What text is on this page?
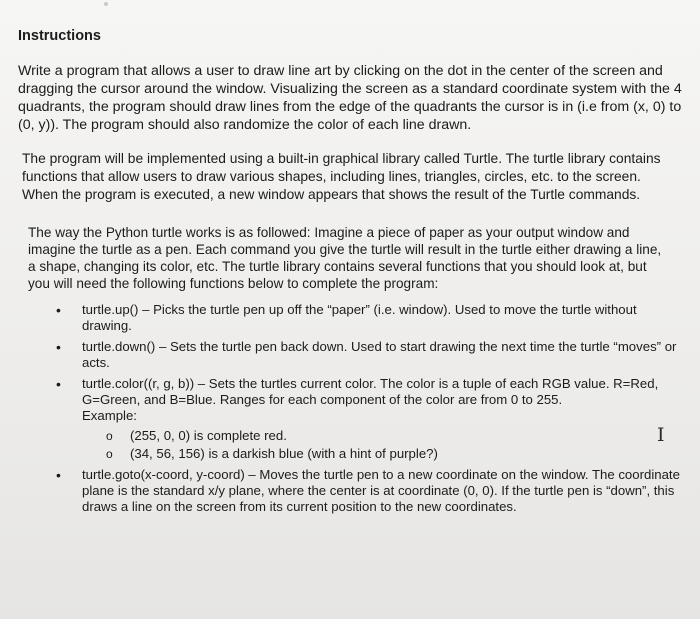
Instructions

Write a program that allows a user to draw line art by clicking on the dot in the center of the screen and dragging the cursor around the window. Visualizing the screen as a standard coordinate system with the 4 quadrants, the program should draw lines from the edge of the quadrants the cursor is in (i.e from (x, 0) to (0, y)). The program should also randomize the color of each line drawn.

The program will be implemented using a built-in graphical library called Turtle. The turtle library contains functions that allow users to draw various shapes, including lines, triangles, circles, etc. to the screen. When the program is executed, a new window appears that shows the result of the Turtle commands.

The way the Python turtle works is as followed: Imagine a piece of paper as your output window and imagine the turtle as a pen. Each command you give the turtle will result in the turtle either drawing a line, a shape, changing its color, etc. The turtle library contains several functions that you should look at, but you will need the following functions below to complete the program:

• turtle.up() – Picks the turtle pen up off the “paper” (i.e. window). Used to move the turtle without drawing.
• turtle.down() – Sets the turtle pen back down. Used to start drawing the next time the turtle “moves” or acts.
• turtle.color((r, g, b)) – Sets the turtles current color. The color is a tuple of each RGB value. R=Red, G=Green, and B=Blue. Ranges for each component of the color are from 0 to 255.
Example:
o (255, 0, 0) is complete red.
o (34, 56, 156) is a darkish blue (with a hint of purple?)
• turtle.goto(x-coord, y-coord) – Moves the turtle pen to a new coordinate on the window. The coordinate plane is the standard x/y plane, where the center is at coordinate (0, 0). If the turtle pen is “down”, this draws a line on the screen from its current position to the new coordinates.
I
